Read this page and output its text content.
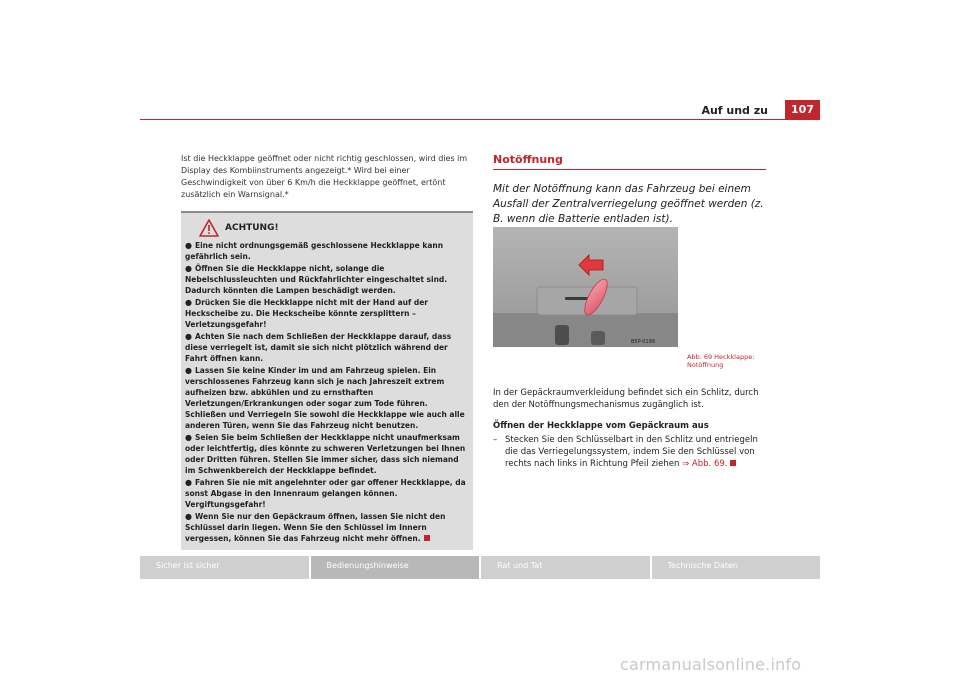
Auf und zu	107

Ist die Heckklappe geöffnet oder nicht richtig geschlossen, wird dies im Display des Kombiinstruments angezeigt.* Wird bei einer Geschwindigkeit von über 6 Km/h die Heckklappe geöffnet, ertönt zusätzlich ein Warnsignal.*

ACHTUNG!

● Eine nicht ordnungsgemäß geschlossene Heckklappe kann gefährlich sein.

● Öffnen Sie die Heckklappe nicht, solange die Nebelschlussleuchten und Rückfahrlichter eingeschaltet sind. Dadurch könnten die Lampen beschädigt werden.

● Drücken Sie die Heckklappe nicht mit der Hand auf der Heckscheibe zu. Die Heckscheibe könnte zersplittern – Verletzungsgefahr!

● Achten Sie nach dem Schließen der Heckklappe darauf, dass diese verriegelt ist, damit sie sich nicht plötzlich während der Fahrt öffnen kann.

● Lassen Sie keine Kinder im und am Fahrzeug spielen. Ein verschlossenes Fahrzeug kann sich je nach Jahreszeit extrem aufheizen bzw. abkühlen und zu ernsthaften Verletzungen/Erkrankungen oder sogar zum Tode führen. Schließen und Verriegeln Sie sowohl die Heckklappe wie auch alle anderen Türen, wenn Sie das Fahrzeug nicht benutzen.

● Seien Sie beim Schließen der Heckklappe nicht unaufmerksam oder leichtfertig, dies könnte zu schweren Verletzungen bei Ihnen oder Dritten führen. Stellen Sie immer sicher, dass sich niemand im Schwenkbereich der Heckklappe befindet.

● Fahren Sie nie mit angelehnter oder gar offener Heckklappe, da sonst Abgase in den Innenraum gelangen können. Vergiftungsgefahr!

● Wenn Sie nur den Gepäckraum öffnen, lassen Sie nicht den Schlüssel darin liegen. Wenn Sie den Schlüssel im Innern vergessen, können Sie das Fahrzeug nicht mehr öffnen.

Notöffnung

Mit der Notöffnung kann das Fahrzeug bei einem Ausfall der Zentralverriegelung geöffnet werden (z. B. wenn die Batterie entladen ist).

B5P-0198
Abb. 69 Heckklappe:
Notöffnung

In der Gepäckraumverkleidung befindet sich ein Schlitz, durch den der Notöffnungsmechanismus zugänglich ist.

Öffnen der Heckklappe vom Gepäckraum aus

– Stecken Sie den Schlüsselbart in den Schlitz und entriegeln die das Verriegelungssystem, indem Sie den Schlüssel von rechts nach links in Richtung Pfeil ziehen ⇒ Abb. 69.
Sicher ist sicher	Bedienungshinweise	Rat und Tat	Technische Daten
carmanualsonline.info
